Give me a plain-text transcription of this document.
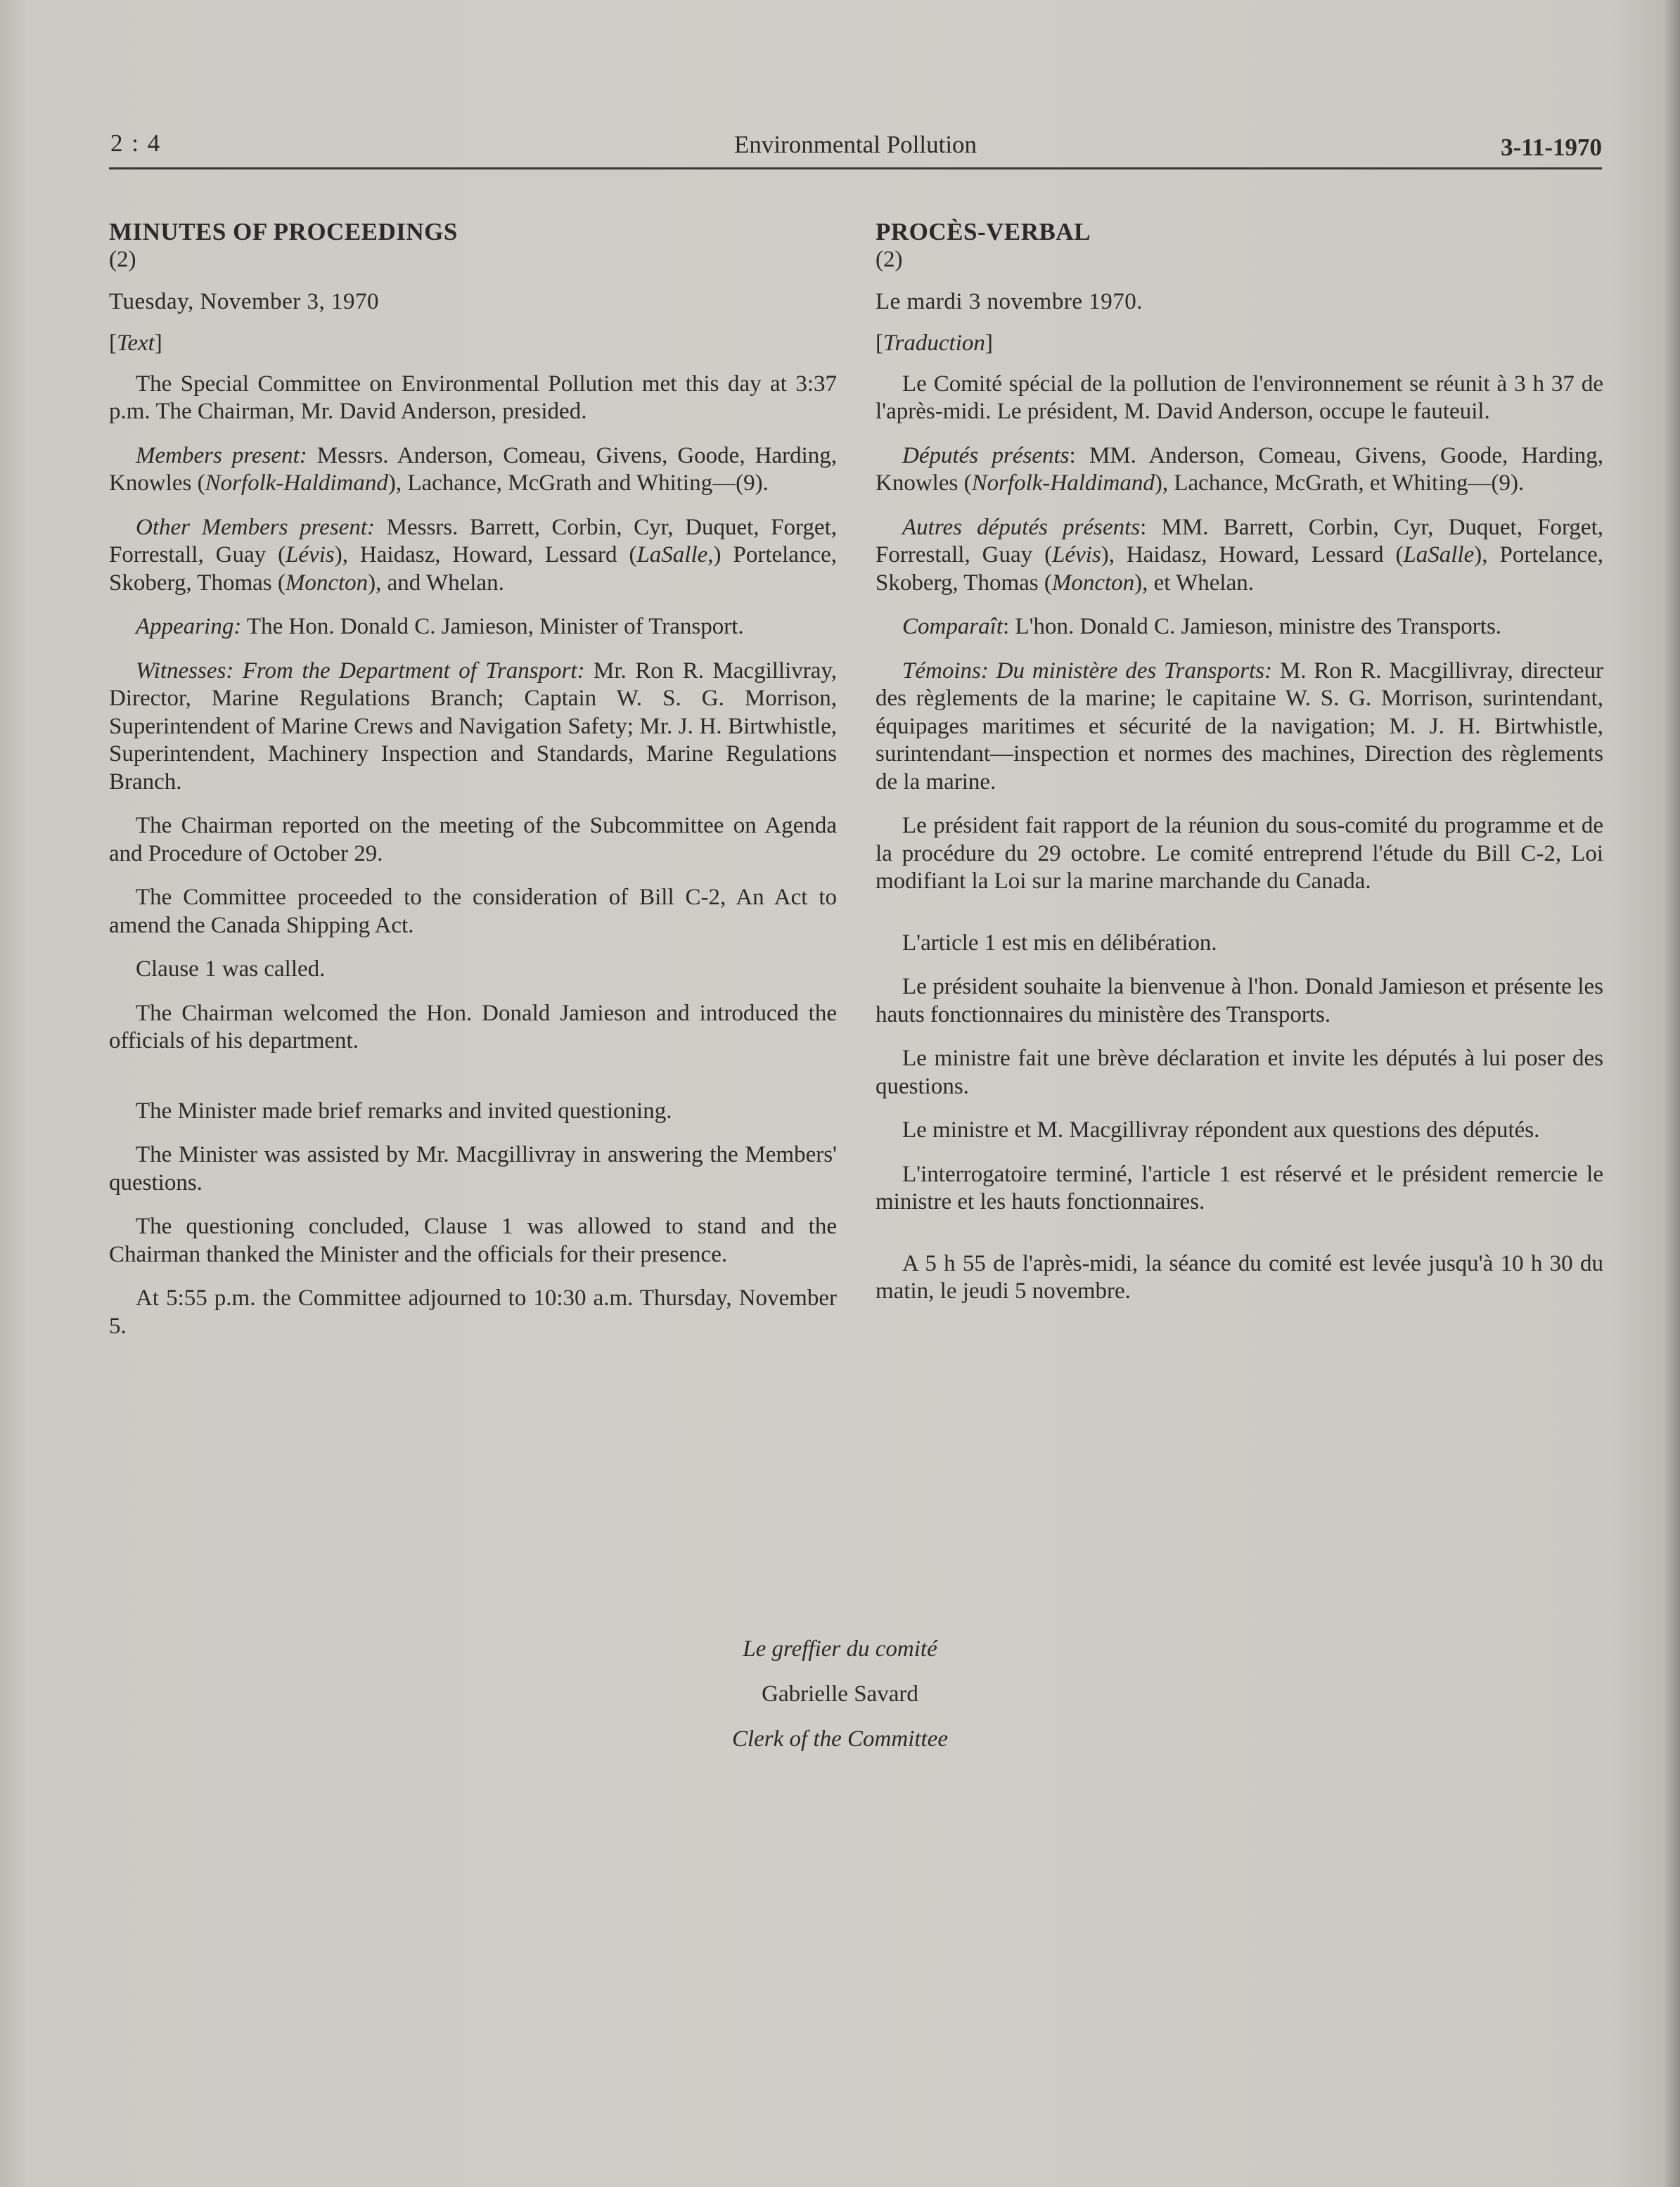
2 : 4	Environmental Pollution	3-11-1970

MINUTES OF PROCEEDINGS

(2)

Tuesday, November 3, 1970

[Text]

The Special Committee on Environmental Pollution met this day at 3:37 p.m. The Chairman, Mr. David Anderson, presided.

Members present: Messrs. Anderson, Comeau, Givens, Goode, Harding, Knowles (Norfolk-Haldimand), Lachance, McGrath and Whiting—(9).

Other Members present: Messrs. Barrett, Corbin, Cyr, Duquet, Forget, Forrestall, Guay (Lévis), Haidasz, Howard, Lessard (LaSalle,) Portelance, Skoberg, Thomas (Moncton), and Whelan.

Appearing: The Hon. Donald C. Jamieson, Minister of Transport.

Witnesses: From the Department of Transport: Mr. Ron R. Macgillivray, Director, Marine Regulations Branch; Captain W. S. G. Morrison, Superintendent of Marine Crews and Navigation Safety; Mr. J. H. Birtwhistle, Superintendent, Machinery Inspection and Standards, Marine Regulations Branch.

The Chairman reported on the meeting of the Subcommittee on Agenda and Procedure of October 29.

The Committee proceeded to the consideration of Bill C-2, An Act to amend the Canada Shipping Act.

Clause 1 was called.

The Chairman welcomed the Hon. Donald Jamieson and introduced the officials of his department.

The Minister made brief remarks and invited questioning.

The Minister was assisted by Mr. Macgillivray in answering the Members' questions.

The questioning concluded, Clause 1 was allowed to stand and the Chairman thanked the Minister and the officials for their presence.

At 5:55 p.m. the Committee adjourned to 10:30 a.m. Thursday, November 5.

PROCÈS-VERBAL

(2)

Le mardi 3 novembre 1970.

[Traduction]

Le Comité spécial de la pollution de l'environnement se réunit à 3 h 37 de l'après-midi. Le président, M. David Anderson, occupe le fauteuil.

Députés présents: MM. Anderson, Comeau, Givens, Goode, Harding, Knowles (Norfolk-Haldimand), Lachance, McGrath, et Whiting—(9).

Autres députés présents: MM. Barrett, Corbin, Cyr, Duquet, Forget, Forrestall, Guay (Lévis), Haidasz, Howard, Lessard (LaSalle), Portelance, Skoberg, Thomas (Moncton), et Whelan.

Comparaît: L'hon. Donald C. Jamieson, ministre des Transports.

Témoins: Du ministère des Transports: M. Ron R. Macgillivray, directeur des règlements de la marine; le capitaine W. S. G. Morrison, surintendant, équipages maritimes et sécurité de la navigation; M. J. H. Birtwhistle, surintendant—inspection et normes des machines, Direction des règlements de la marine.

Le président fait rapport de la réunion du sous-comité du programme et de la procédure du 29 octobre. Le comité entreprend l'étude du Bill C-2, Loi modifiant la Loi sur la marine marchande du Canada.

L'article 1 est mis en délibération.

Le président souhaite la bienvenue à l'hon. Donald Jamieson et présente les hauts fonctionnaires du ministère des Transports.

Le ministre fait une brève déclaration et invite les députés à lui poser des questions.

Le ministre et M. Macgillivray répondent aux questions des députés.

L'interrogatoire terminé, l'article 1 est réservé et le président remercie le ministre et les hauts fonctionnaires.

A 5 h 55 de l'après-midi, la séance du comité est levée jusqu'à 10 h 30 du matin, le jeudi 5 novembre.

Le greffier du comité
Gabrielle Savard
Clerk of the Committee
